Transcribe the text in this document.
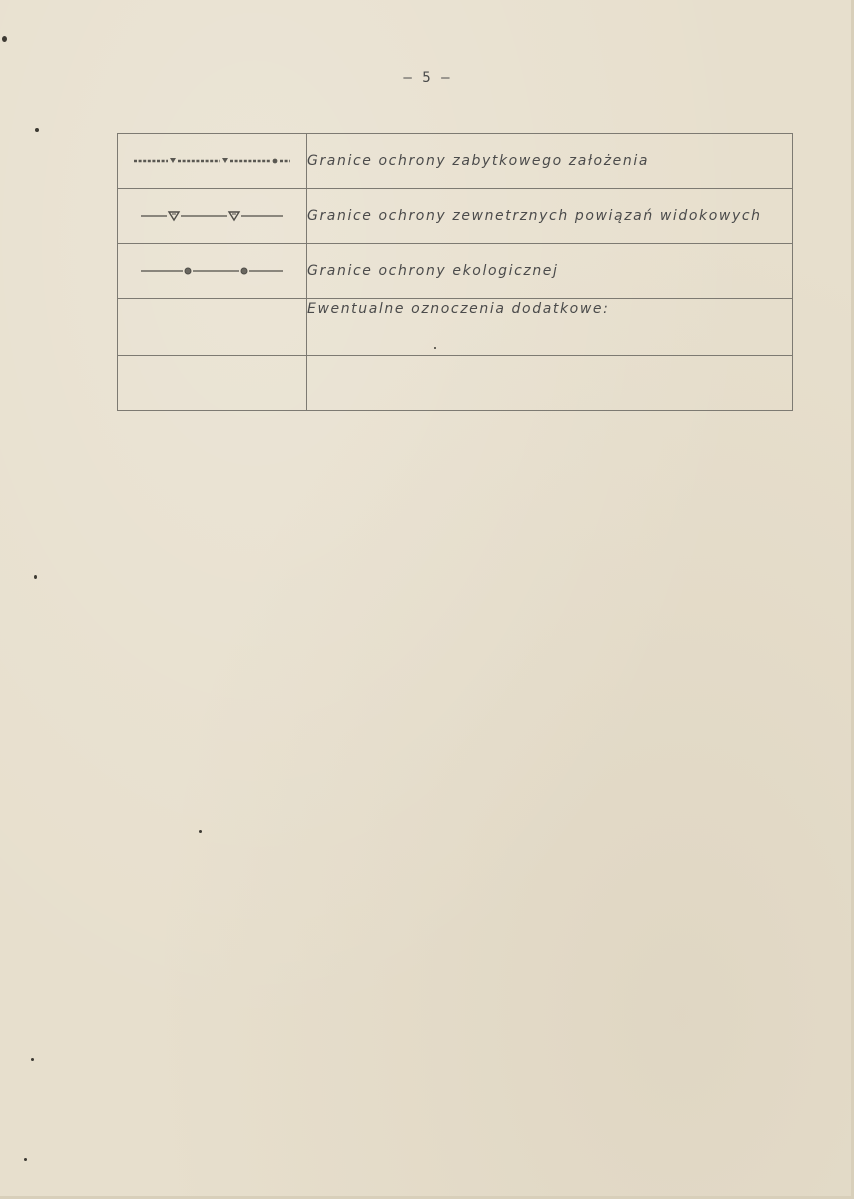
— 5 —
	Granice ochrony zabytkowego założenia

	Granice ochrony zewnetrznych powiązań widokowych

	Granice ochrony ekologicznej
	Ewentualne oznoczenia dodatkowe:
